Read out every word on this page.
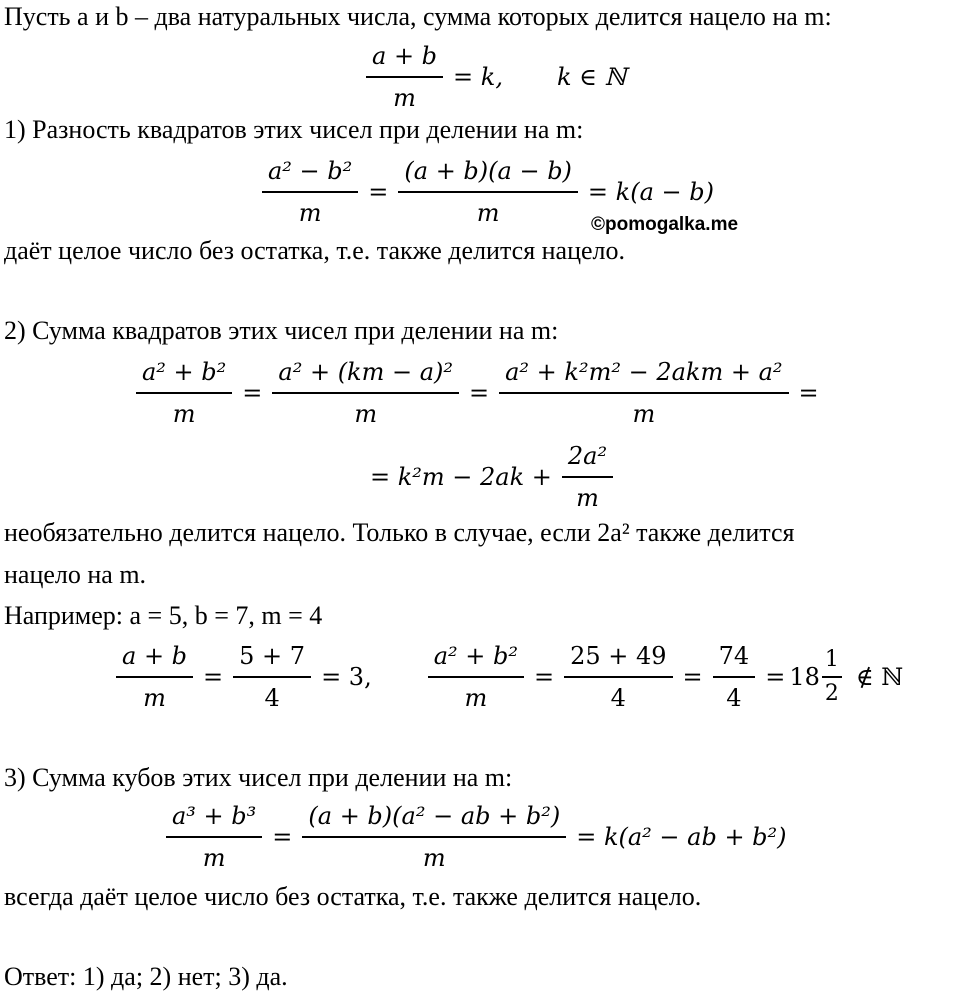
Пусть a и b – два натуральных числа, сумма которых делится нацело на m:
$\frac{a + b}{m} = k$, k ∈ ℕ
1) Разность квадратов этих чисел при делении на m:
$\frac{\text{a² − b²}}{m} = \frac{(a + b)(a - b)}{m} = k(a - b)$
©pomogalka.me
даёт целое число без остатка, т.е. также делится нацело.
2) Сумма квадратов этих чисел при делении на m:
$\frac{\text{a² + b²}}{m} = \frac{\text{a² + (km − a)²}}{m} = \frac{\text{a² + k²m² − 2akm + a²}}{m}$ =
= $k^2m - 2ak + \frac{\text{2a²}}{m}$
необязательно делится нацело. Только в случае, если 2a² также делится
нацело на m.
Например: a = 5, b = 7, m = 4
$\frac{a + b}{m} = \frac{5 + 7}{4} = 3$, $\frac{\text{a² + b²}}{m} = \frac{25 + 49}{4} = \frac{74}{4} = 18 \frac{1}{2}$ ∉ ℕ
3) Сумма кубов этих чисел при делении на m:
$\frac{\text{a³ + b³}}{m} = \frac{\text{(a + b)(a² − ab + b²)}}{m} = k(a^2$ − ab + b²)
всегда даёт целое число без остатка, т.е. также делится нацело.
Ответ: 1) да; 2) нет; 3) да.
